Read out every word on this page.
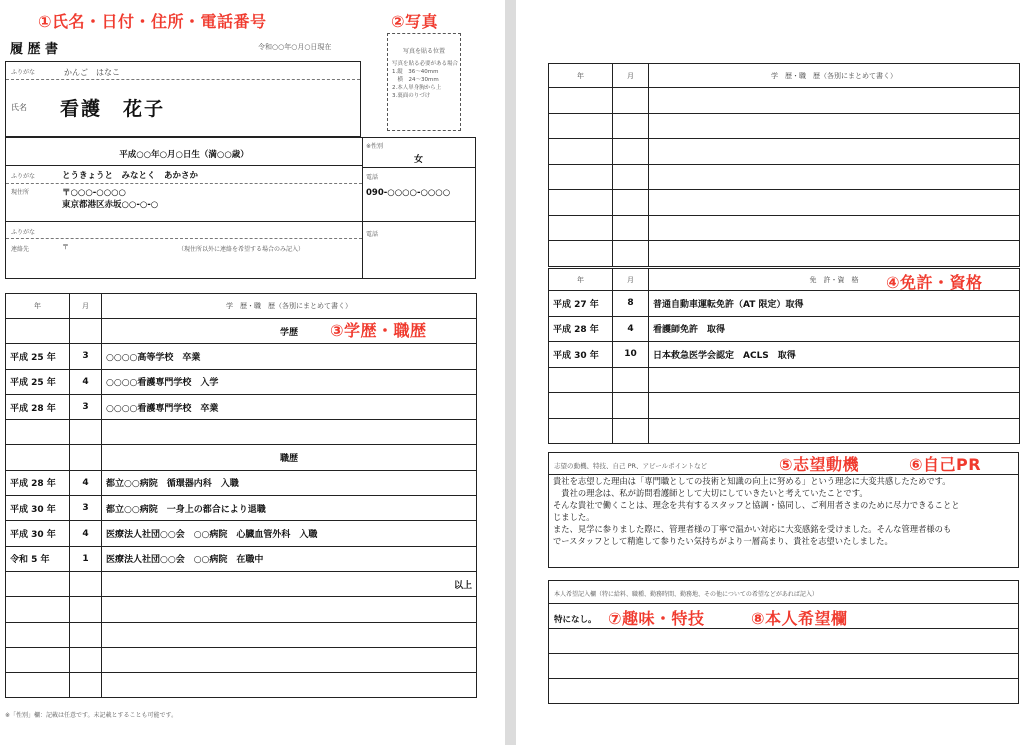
①氏名・日付・住所・電話番号	②写真
履 歴 書	令和○○年○月○日現在
写真を貼る位置
写真を貼る必要がある場合
1.縦　36〜40mm
　横　24〜30mm
2.本人単身胸から上
3.裏面のりづけ
ふりがな	かんご　はなこ
氏名 看護　花子
平成○○年○月○日生（満○○歳）
※性別
女
ふりがな	とうきょうと　みなとく　あかさか
現住所	〒○○○-○○○○
東京都港区赤坂○○-○-○
電話
090-○○○○-○○○○
ふりがな
連絡先	〒	（現住所以外に連絡を希望する場合のみ記入）
電話
年	月	学　歴・職　歴（各別にまとめて書く）
		学歴
平成 25 年	3	○○○○高等学校　卒業
平成 25 年	4	○○○○看護専門学校　入学
平成 28 年	3	○○○○看護専門学校　卒業

		職歴
平成 28 年	4	都立○○病院　循環器内科　入職
平成 30 年	3	都立○○病院　一身上の都合により退職
平成 30 年	4	医療法人社団○○会　○○病院　心臓血管外科　入職
令和 5 年	1	医療法人社団○○会　○○病院　在職中
		以上

③学歴・職歴
※「性別」欄：記載は任意です。未記載とすることも可能です。
年	月	学　歴・職　歴（各別にまとめて書く）

年	月	免　許・資　格
平成 27 年	8	普通自動車運転免許（AT 限定）取得
平成 28 年	4	看護師免許　取得
平成 30 年	10	日本救急医学会認定　ACLS　取得

④免許・資格
志望の動機、特技、自己 PR、アピールポイントなど
貴社を志望した理由は「専門職としての技術と知識の向上に努める」という理念に大変共感したためです。
　貴社の理念は、私が訪問看護師として大切にしていきたいと考えていたことです。
そんな貴社で働くことは、理念を共有するスタッフと協調・協同し、ご利用者さまのために尽力できることと
じました。
また、見学に参りました際に、管理者様の丁寧で温かい対応に大変感銘を受けました。そんな管理者様のも
でースタッフとして精進して参りたい気持ちがより一層高まり、貴社を志望いたしました。
⑤志望動機	⑥自己PR
本人希望記入欄（特に給料、職種、勤務時間、勤務地、その他についての希望などがあれば記入）
特になし。 ⑦趣味・特技	⑧本人希望欄
